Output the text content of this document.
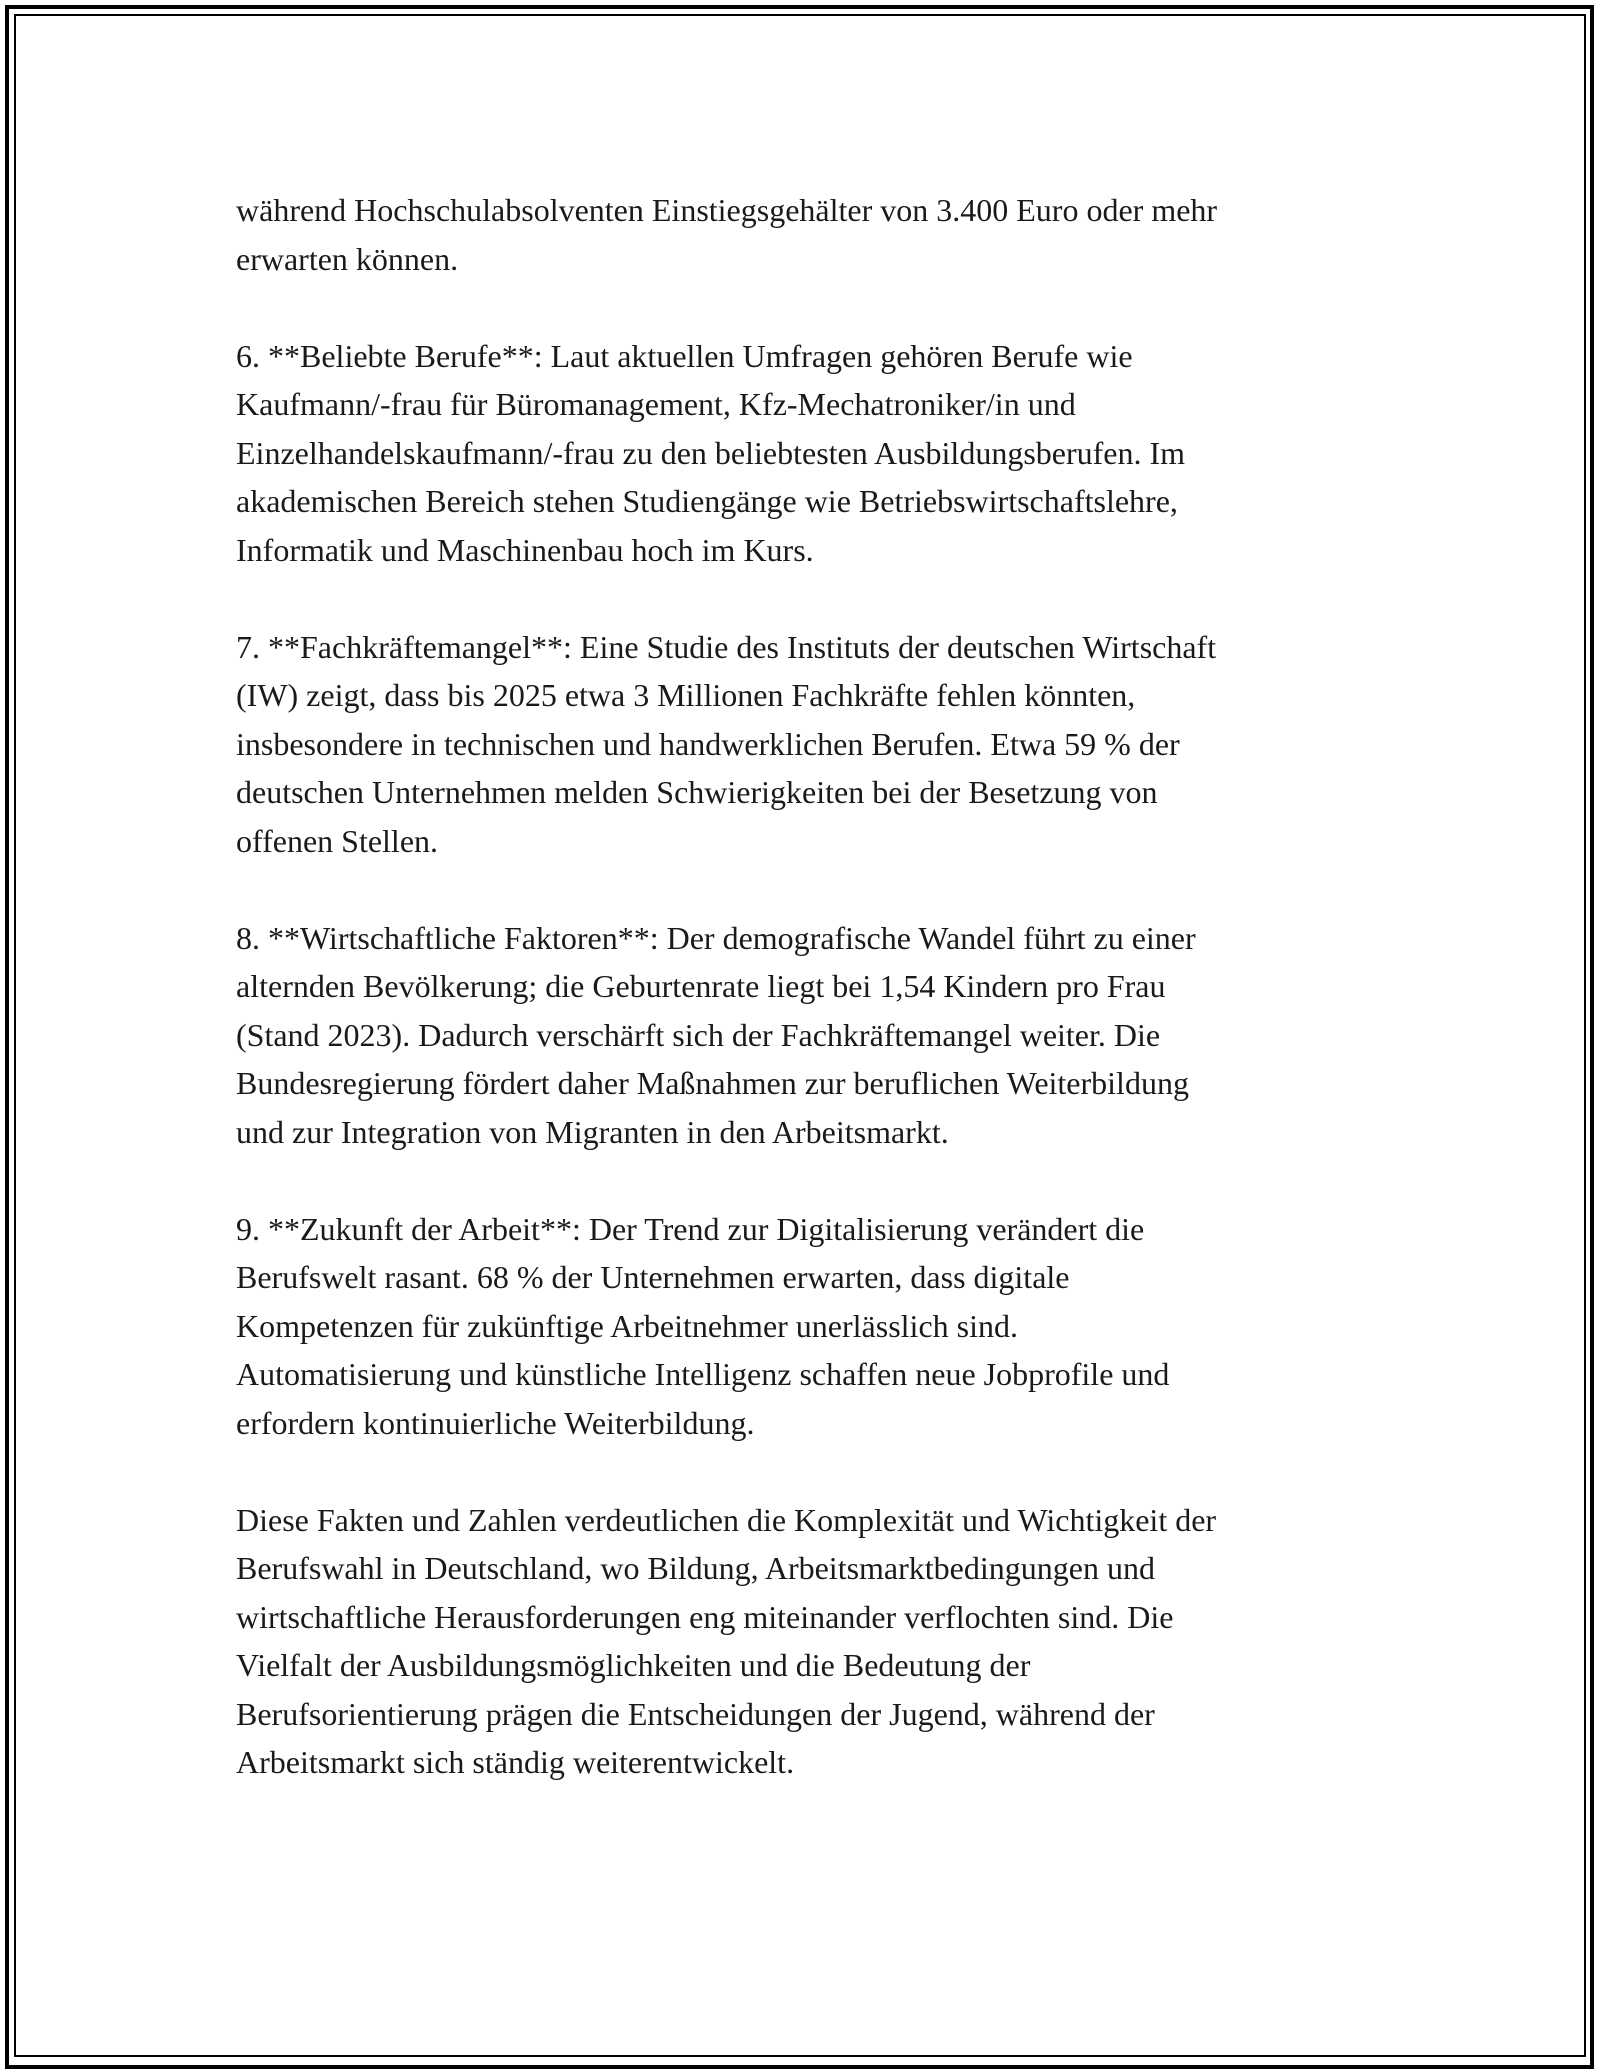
während Hochschulabsolventen Einstiegsgehälter von 3.400 Euro oder mehr
erwarten können.

6. **Beliebte Berufe**: Laut aktuellen Umfragen gehören Berufe wie
Kaufmann/-frau für Büromanagement, Kfz-Mechatroniker/in und
Einzelhandelskaufmann/-frau zu den beliebtesten Ausbildungsberufen. Im
akademischen Bereich stehen Studiengänge wie Betriebswirtschaftslehre,
Informatik und Maschinenbau hoch im Kurs.

7. **Fachkräftemangel**: Eine Studie des Instituts der deutschen Wirtschaft
(IW) zeigt, dass bis 2025 etwa 3 Millionen Fachkräfte fehlen könnten,
insbesondere in technischen und handwerklichen Berufen. Etwa 59 % der
deutschen Unternehmen melden Schwierigkeiten bei der Besetzung von
offenen Stellen.

8. **Wirtschaftliche Faktoren**: Der demografische Wandel führt zu einer
alternden Bevölkerung; die Geburtenrate liegt bei 1,54 Kindern pro Frau
(Stand 2023). Dadurch verschärft sich der Fachkräftemangel weiter. Die
Bundesregierung fördert daher Maßnahmen zur beruflichen Weiterbildung
und zur Integration von Migranten in den Arbeitsmarkt.

9. **Zukunft der Arbeit**: Der Trend zur Digitalisierung verändert die
Berufswelt rasant. 68 % der Unternehmen erwarten, dass digitale
Kompetenzen für zukünftige Arbeitnehmer unerlässlich sind.
Automatisierung und künstliche Intelligenz schaffen neue Jobprofile und
erfordern kontinuierliche Weiterbildung.

Diese Fakten und Zahlen verdeutlichen die Komplexität und Wichtigkeit der
Berufswahl in Deutschland, wo Bildung, Arbeitsmarktbedingungen und
wirtschaftliche Herausforderungen eng miteinander verflochten sind. Die
Vielfalt der Ausbildungsmöglichkeiten und die Bedeutung der
Berufsorientierung prägen die Entscheidungen der Jugend, während der
Arbeitsmarkt sich ständig weiterentwickelt.
